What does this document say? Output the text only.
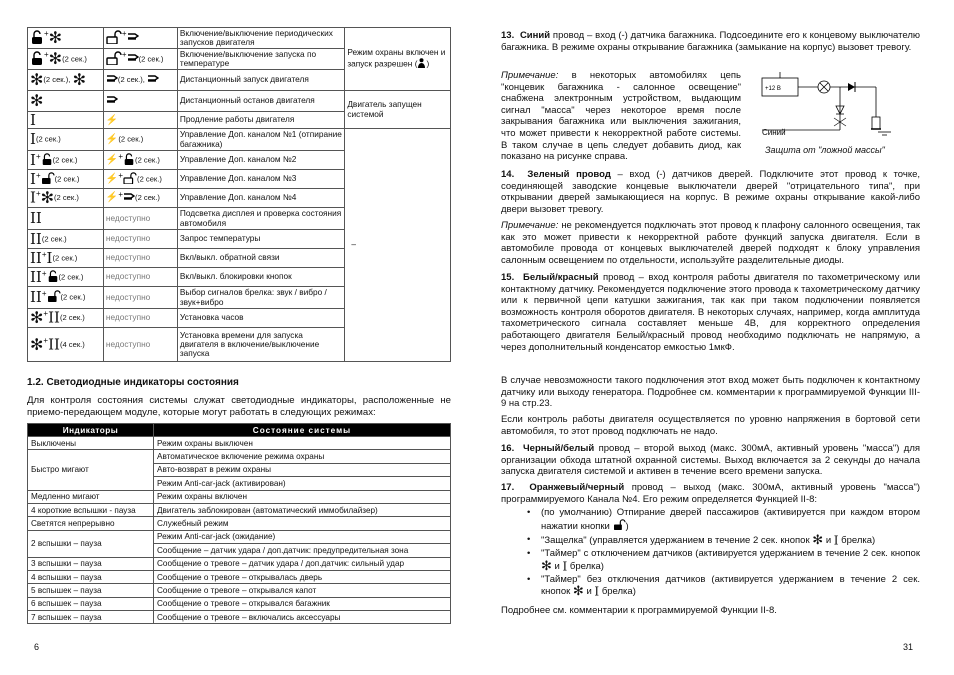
+✻	+	Включение/выключение периодических запусков двигателя	Режим охраны включен и запуск разрешен ( )
+✻(2 сек.)	+ (2 сек.)	Включение/выключение запуска по температуре	
✻(2 сек.), ✻	(2 сек.),	Дистанционный запуск двигателя	
✻		Дистанционный останов двигателя	Двигатель запущен системой
I	⚡	Продление работы двигателя	
I(2 сек.)	⚡(2 сек.)	Управление Доп. каналом №1 (отпирание багажника)	–
I+ (2 сек.)	⚡+ (2 сек.)	Управление Доп. каналом №2	
I+ (2 сек.)	⚡+ (2 сек.)	Управление Доп. каналом №3	
I+✻(2 сек.)	⚡+ (2 сек.)	Управление Доп. каналом №4	
II	недоступно	Подсветка дисплея и проверка состояния автомобиля	
II(2 сек.)	недоступно	Запрос температуры	
II+I(2 сек.)	недоступно	Вкл/выкл. обратной связи	
II+ (2 сек.)	недоступно	Вкл/выкл. блокировки кнопок	
II+ (2 сек.)	недоступно	Выбор сигналов брелка: звук / вибро / звук+вибро	
✻+II(2 сек.)	недоступно	Установка часов	
✻+II(4 сек.)	недоступно	Установка времени для запуска двигателя в включение/выключение запуска	
1.2. Светодиодные индикаторы состояния
Для контроля состояния системы служат светодиодные индикаторы, расположенные не приемо-передающем модуле, которые могут работать в следующих режимах:
Индикаторы	Состояние системы
Выключены	Режим охраны выключен
Быстро мигают	Автоматическое включение режима охраны
	Авто-возврат в режим охраны
	Режим Anti-car-jack (активирован)
Медленно мигают	Режим охраны включен
4 короткие вспышки - пауза	Двигатель заблокирован (автоматический иммобилайзер)
Светятся непрерывно	Служебный режим
2 вспышки – пауза	Режим Anti-car-jack (ожидание)
	Сообщение – датчик удара / доп.датчик: предупредительная зона
3 вспышки – пауза	Сообщение о тревоге – датчик удара / доп.датчик: сильный удар
4 вспышки – пауза	Сообщение о тревоге – открывалась дверь
5 вспышек – пауза	Сообщение о тревоге – открывался капот
6 вспышек – пауза	Сообщение о тревоге – открывался багажник
7 вспышек – пауза	Сообщение о тревоге – включались аксессуары
6
13. Синий провод – вход (-) датчика багажника. Подсоедините его к концевому выключателю багажника. В режиме охраны открывание багажника (замыкание на корпус) вызовет тревогу.
Примечание: в некоторых автомобилях цепь "концевик багажника - салонное освещение" снабжена электронным устройством, выдающим сигнал "масса" через некоторое время после закрывания багажника или выключения зажигания, что может привести к некорректной работе системы. В таком случае в цепь следует добавить диод, как показано на рисунке справа.
+12 В
Синий
Защита от "ложной массы"
14. Зеленый провод – вход (-) датчиков дверей. Подключите этот провод к точке, соединяющей заводские концевые выключатели дверей "отрицательного типа", при открывании дверей замыкающиеся на корпус. В режиме охраны открывание какой-либо двери вызовет тревогу.
Примечание: не рекомендуется подключать этот провод к плафону салонного освещения, так как это может привести к некорректной работе функций запуска двигателя. Если в автомобиле провода от концевых выключателей дверей подходят к блоку управления салонным освещением по отдельности, используйте разделительные диоды.
15. Белый/красный провод – вход контроля работы двигателя по тахометрическому или контактному датчику. Рекомендуется подключение этого провода к тахометрическому датчику или к первичной цепи катушки зажигания, так как при таком подключении появляется возможность контроля оборотов двигателя. В некоторых случаях, например, когда амплитуда тахометрического сигнала составляет меньше 4В, для корректного определения работающего двигателя Белый/красный провод необходимо подключать не напрямую, а через дополнительный конденсатор емкостью 1мкФ.
В случае невозможности такого подключения этот вход может быть подключен к контактному датчику или выходу генератора. Подробнее см. комментарии к программируемой Функции III-9 на стр.23.
Если контроль работы двигателя осуществляется по уровню напряжения в бортовой сети автомобиля, то этот провод подключать не надо.
16. Черный/белый провод – второй выход (макс. 300мА, активный уровень "масса") для организации обхода штатной охранной системы. Выход включается за 2 секунды до начала запуска двигателя системой и активен в течение всего времени запуска.
17. Оранжевый/черный провод – выход (макс. 300мА, активный уровень "масса") программируемого Канала №4. Его режим определяется Функцией II-8:
• (по умолчанию) Отпирание дверей пассажиров (активируется при каждом втором нажатии кнопки )
• "Защелка" (управляется удержанием в течение 2 сек. кнопок ✻ и I брелка)
• "Таймер" с отключением датчиков (активируется удержанием в течение 2 сек. кнопок ✻ и I брелка)
• "Таймер" без отключения датчиков (активируется удержанием в течение 2 сек. кнопок ✻ и I брелка)
Подробнее см. комментарии к программируемой Функции II-8.
31
